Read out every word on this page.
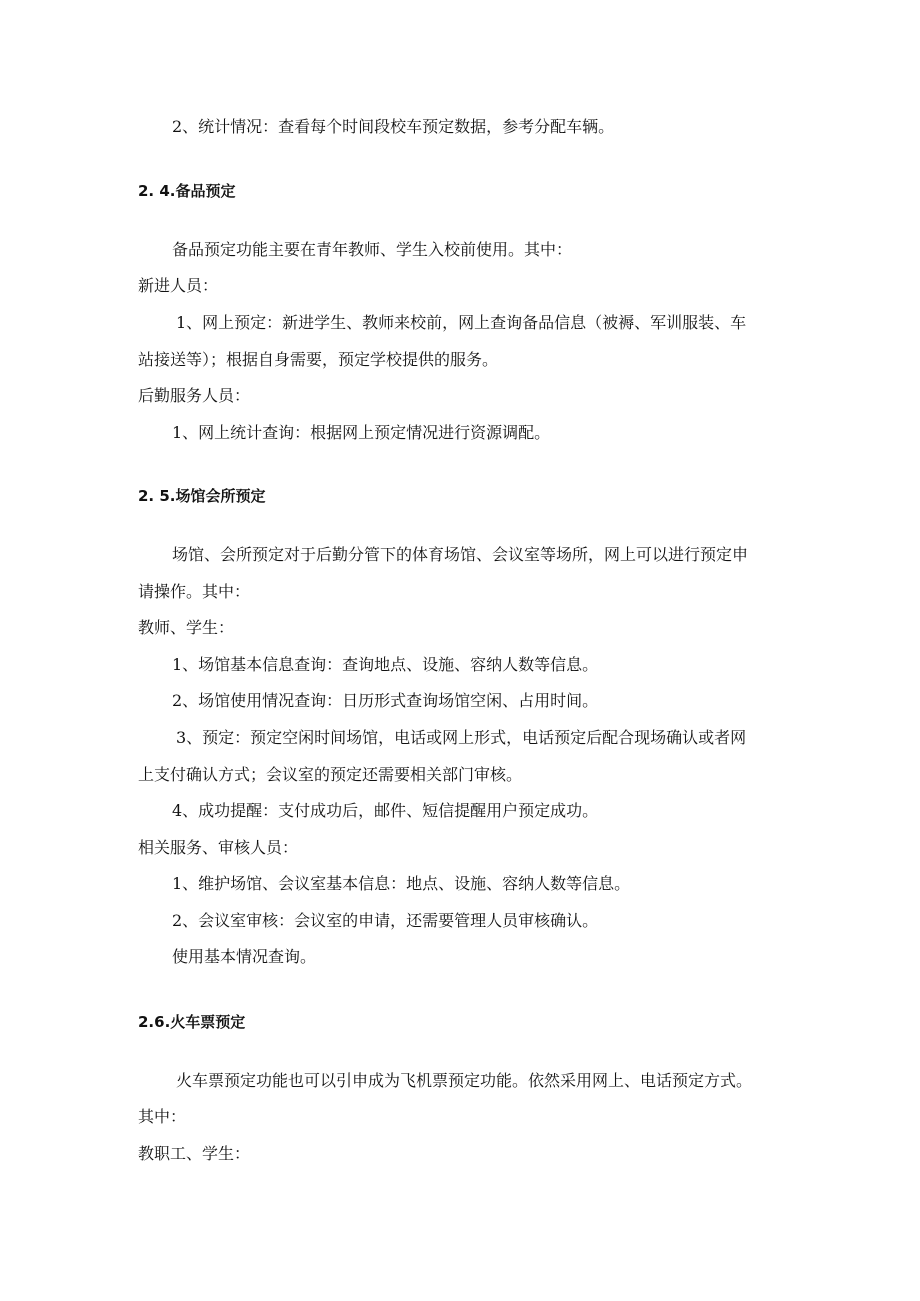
2、统计情况：查看每个时间段校车预定数据，参考分配车辆。
2. 4.备品预定
备品预定功能主要在青年教师、学生入校前使用。其中：
新进人员：
1、网上预定：新进学生、教师来校前，网上查询备品信息（被褥、军训服装、车
站接送等）；根据自身需要，预定学校提供的服务。
后勤服务人员：
1、网上统计查询：根据网上预定情况进行资源调配。
2. 5.场馆会所预定
场馆、会所预定对于后勤分管下的体育场馆、会议室等场所，网上可以进行预定申
请操作。其中：
教师、学生：
1、场馆基本信息查询：查询地点、设施、容纳人数等信息。
2、场馆使用情况查询：日历形式查询场馆空闲、占用时间。
3、预定：预定空闲时间场馆，电话或网上形式，电话预定后配合现场确认或者网
上支付确认方式；会议室的预定还需要相关部门审核。
4、成功提醒：支付成功后，邮件、短信提醒用户预定成功。
相关服务、审核人员：
1、维护场馆、会议室基本信息：地点、设施、容纳人数等信息。
2、会议室审核：会议室的申请，还需要管理人员审核确认。
使用基本情况查询。
2.6.火车票预定
火车票预定功能也可以引申成为飞机票预定功能。依然采用网上、电话预定方式。
其中：
教职工、学生：
